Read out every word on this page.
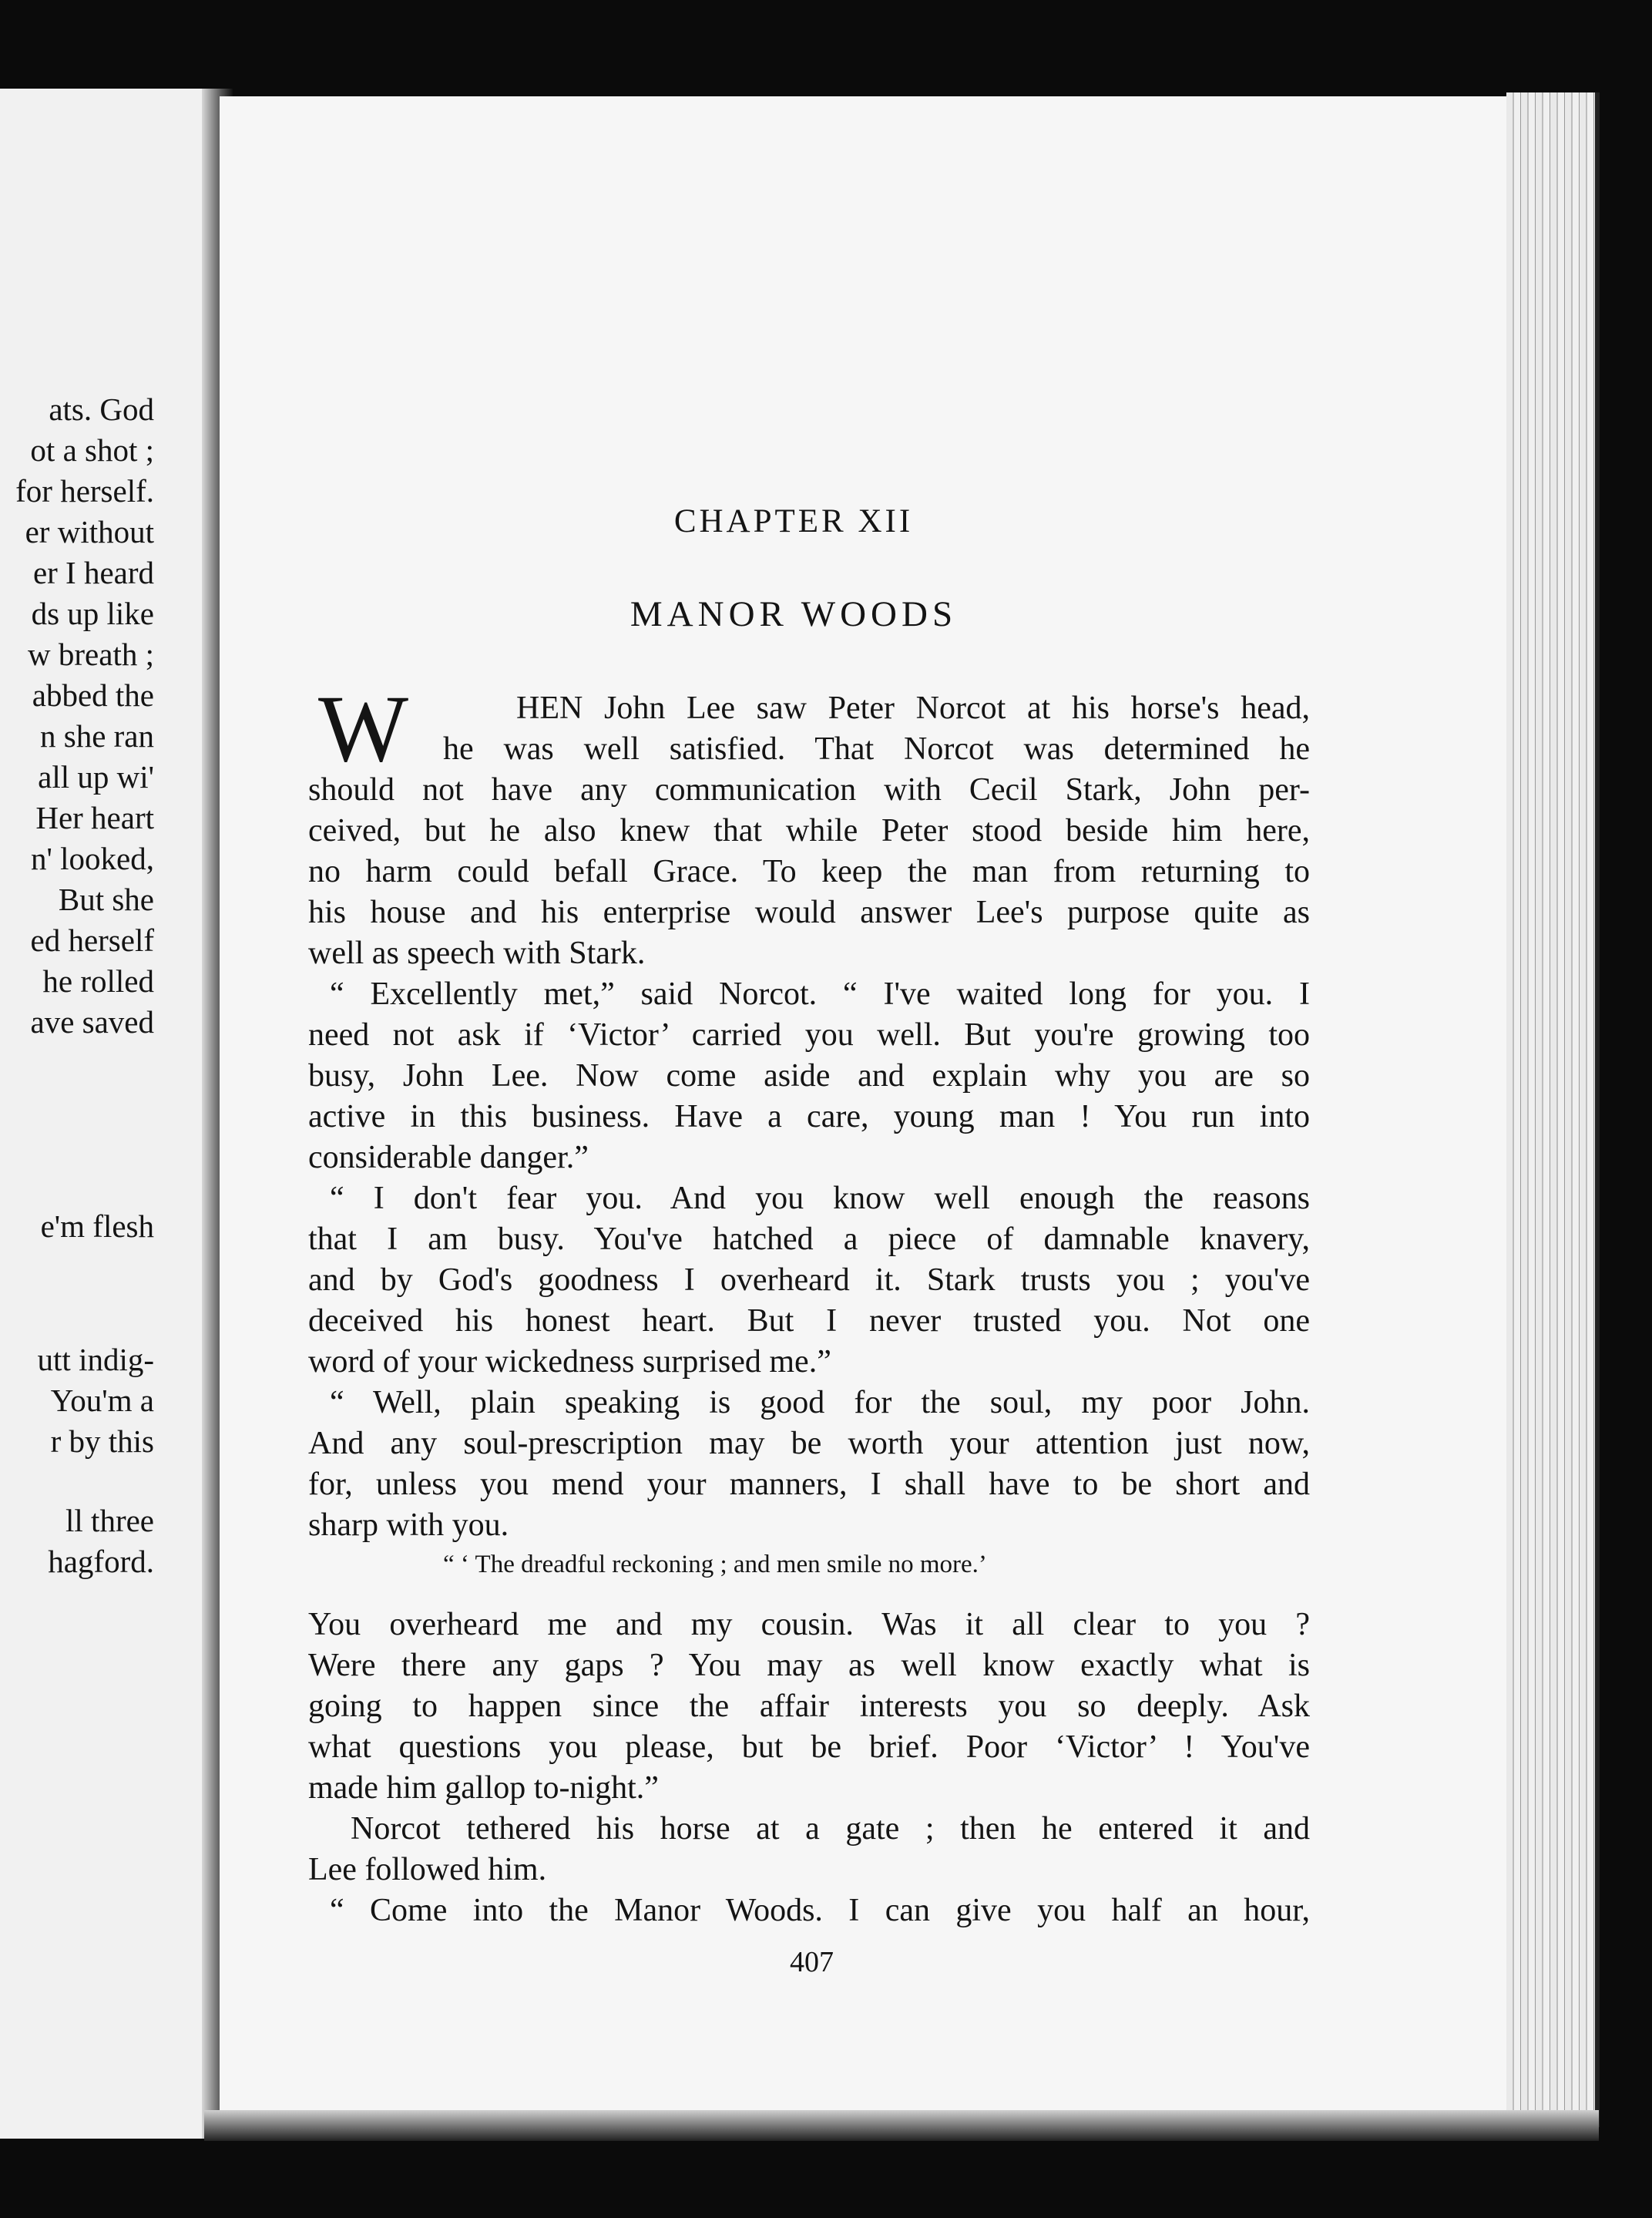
ats. God
ot a shot ;
for herself.
er without
er I heard
ds up like
w breath ;
abbed the
n she ran
all up wi'
Her heart
n' looked,
But she
ed herself
he rolled
ave saved
e'm flesh
utt indig-
You'm a
r by this
ll three
hagford.
CHAPTER XII
MANOR WOODS
W	HEN John Lee saw Peter Norcot at his horse's head,
he was well satisfied. That Norcot was determined he
should not have any communication with Cecil Stark, John per-
ceived, but he also knew that while Peter stood beside him here,
no harm could befall Grace. To keep the man from returning to
his house and his enterprise would answer Lee's purpose quite as
well as speech with Stark.
“ Excellently met,” said Norcot. “ I've waited long for you. I
need not ask if ‘Victor’ carried you well. But you're growing too
busy, John Lee. Now come aside and explain why you are so
active in this business. Have a care, young man ! You run into
considerable danger.”
“ I don't fear you. And you know well enough the reasons
that I am busy. You've hatched a piece of damnable knavery,
and by God's goodness I overheard it. Stark trusts you ; you've
deceived his honest heart. But I never trusted you. Not one
word of your wickedness surprised me.”
“ Well, plain speaking is good for the soul, my poor John.
And any soul-prescription may be worth your attention just now,
for, unless you mend your manners, I shall have to be short and
sharp with you.
You overheard me and my cousin. Was it all clear to you ?
Were there any gaps ? You may as well know exactly what is
going to happen since the affair interests you so deeply. Ask
what questions you please, but be brief. Poor ‘Victor’ ! You've
made him gallop to-night.”
Norcot tethered his horse at a gate ; then he entered it and
Lee followed him.
“ Come into the Manor Woods. I can give you half an hour,
“ ‘ The dreadful reckoning ; and men smile no more.’
407
